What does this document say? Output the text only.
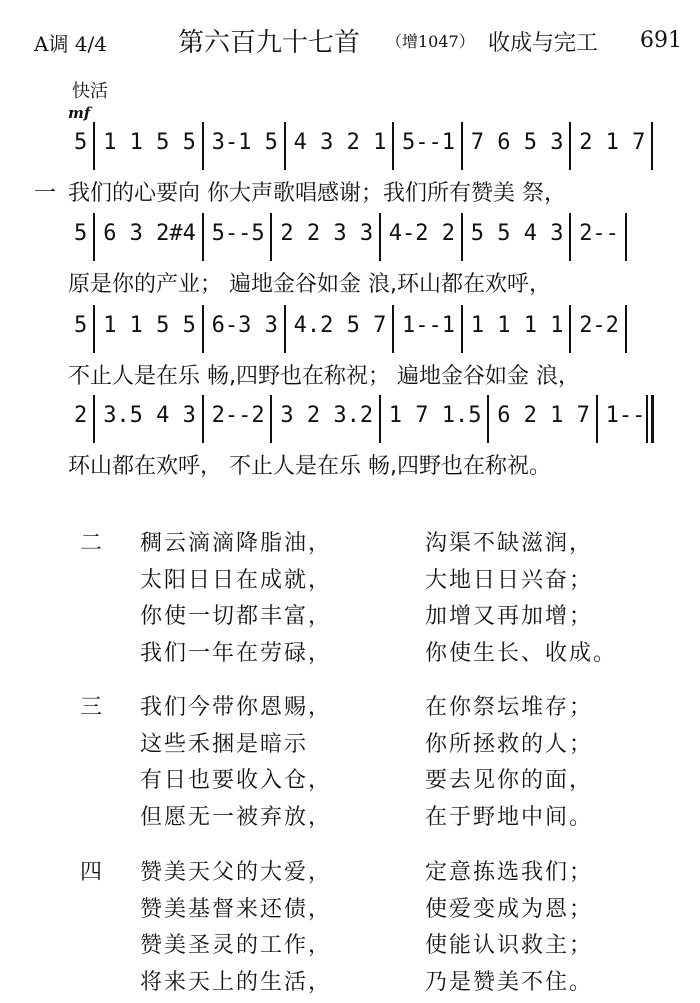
A调 4/4	第六百九十七首 （增1047） 收成与完工 691
快活
mf
5 1 1 5 5 3-1 5 4 3 2 1 5--1 7 6 5 3 2 1 7
我们的心要向 你大声歌唱感谢；我们所有赞美 祭，
5 6 3 2#4 5--5 2 2 3 3 4-2 2 5 5 4 3 2--
原是你的产业； 遍地金谷如金 浪,环山都在欢呼，
5 1 1 5 5 6-3 3 4.2 5 7 1--1 1 1 1 1 2-2
不止人是在乐 畅,四野也在称祝； 遍地金谷如金 浪，
2 3.5 4 3 2--2 3 2 3.2 1 7 1.5 6 2 1 7 1--
环山都在欢呼， 不止人是在乐 畅,四野也在称祝。
二 稠云滴滴降脂油，	沟渠不缺滋润，
太阳日日在成就，	大地日日兴奋；
你使一切都丰富，	加增又再加增；
我们一年在劳碌，	你使生长、收成。
三 我们今带你恩赐，	在你祭坛堆存；
这些禾捆是暗示	你所拯救的人；
有日也要收入仓，	要去见你的面，
但愿无一被弃放，	在于野地中间。
四 赞美天父的大爱，	定意拣选我们；
赞美基督来还债，	使爱变成为恩；
赞美圣灵的工作，	使能认识救主；
将来天上的生活，	乃是赞美不住。
一
